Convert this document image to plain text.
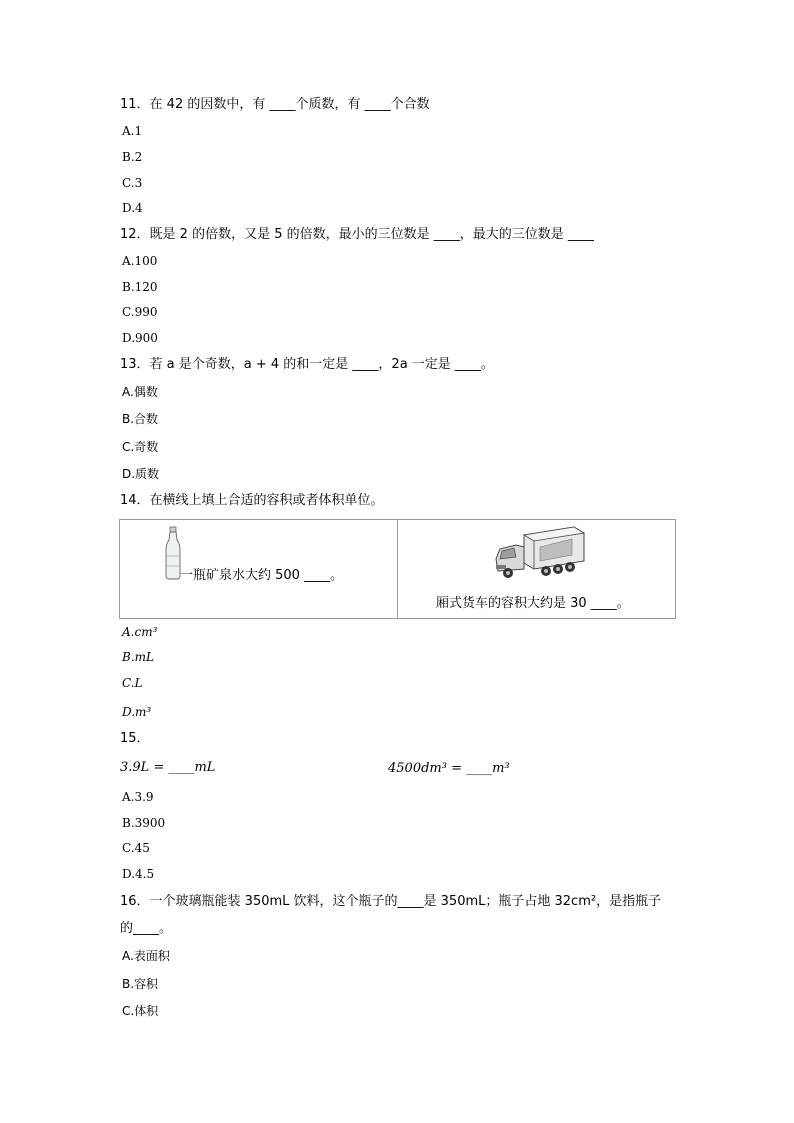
11．在 42 的因数中，有 ____个质数，有 ____个合数
A.1
B.2
C.3
D.4
12．既是 2 的倍数，又是 5 的倍数，最小的三位数是 ____，最大的三位数是 ____
A.100
B.120
C.990
D.900
13．若 a 是个奇数，a + 4 的和一定是 ____，2a 一定是 ____。
A.偶数
B.合数
C.奇数
D.质数
14．在横线上填上合适的容积或者体积单位。
一瓶矿泉水大约 500 ____。

厢式货车的容积大约是 30 ____。
A.cm³
B.mL
C.L
D.m³
15．
3.9L = ____mL	4500dm³ = ____m³
A.3.9
B.3900
C.45
D.4.5
16．一个玻璃瓶能装 350mL 饮料，这个瓶子的____是 350mL；瓶子占地 32cm²，是指瓶子
的____。
A.表面积
B.容积
C.体积
